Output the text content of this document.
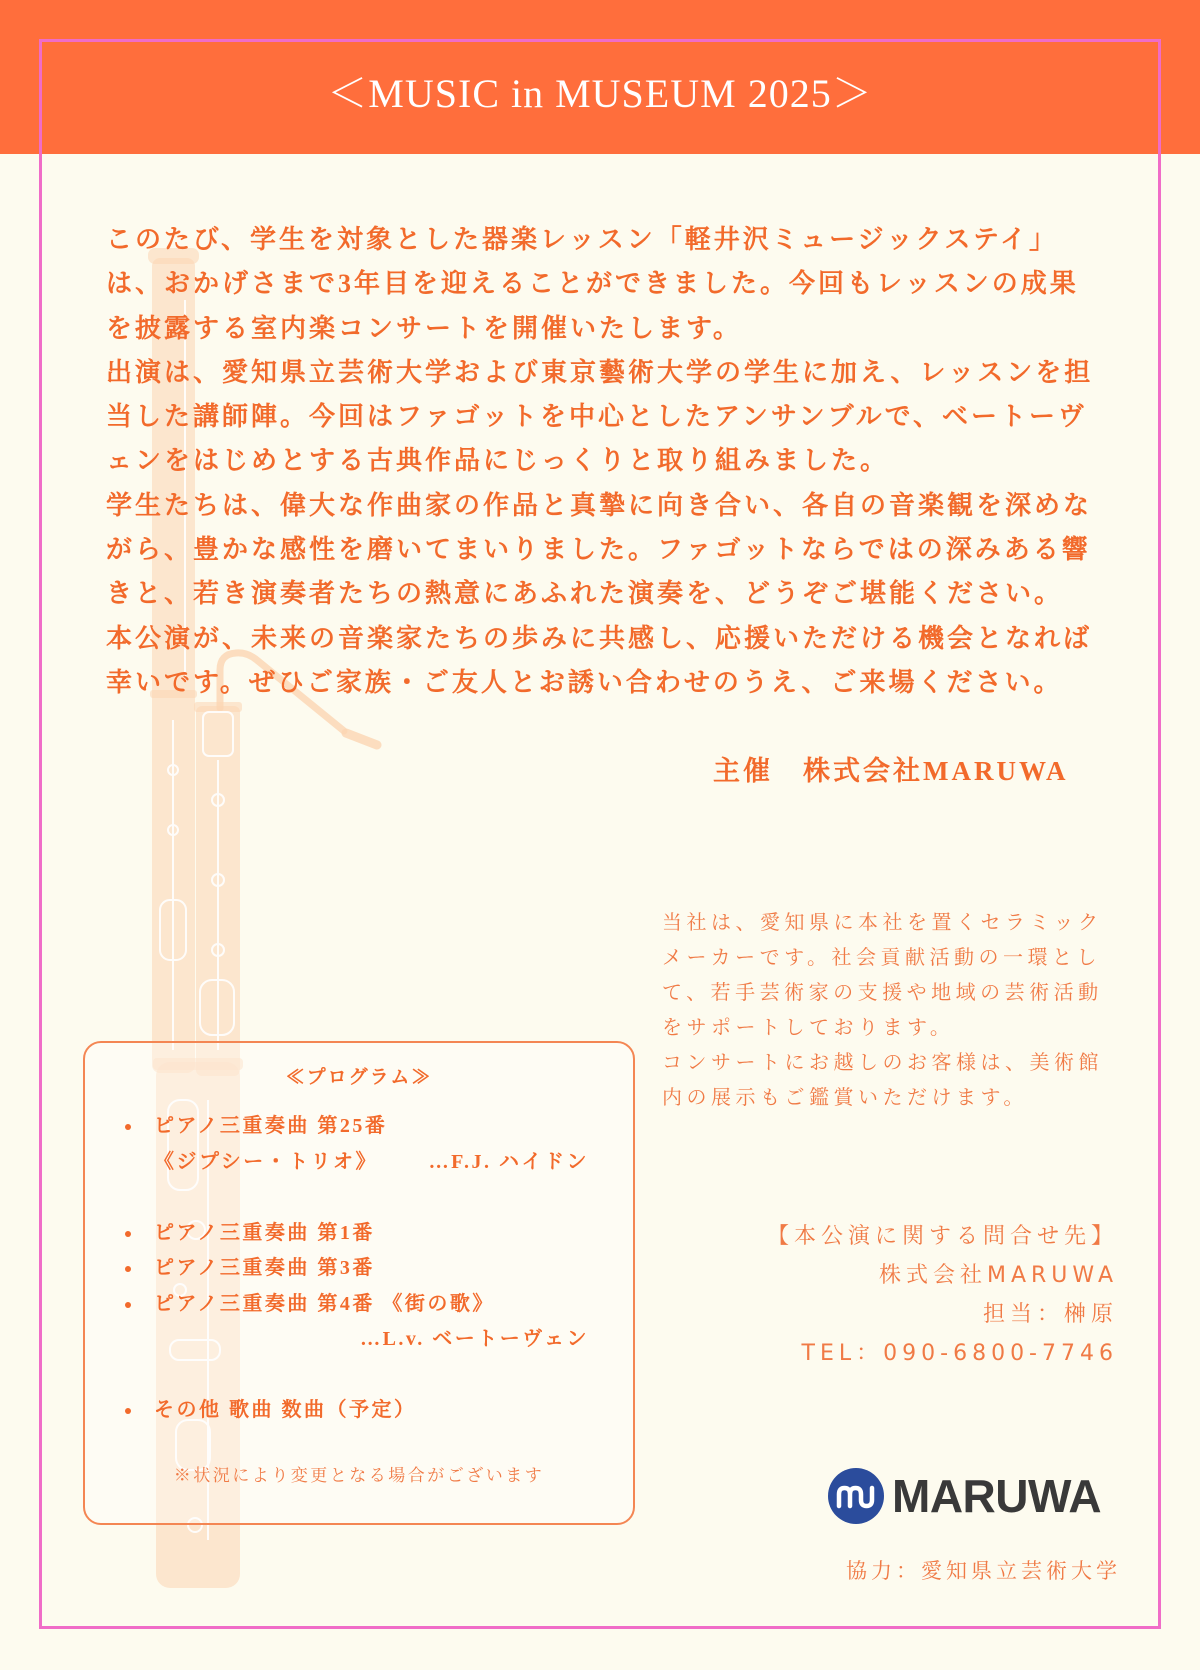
＜MUSIC in MUSEUM 2025＞
このたび、学生を対象とした器楽レッスン「軽井沢ミュージックステイ」
は、おかげさまで3年目を迎えることができました。今回もレッスンの成果
を披露する室内楽コンサートを開催いたします。
出演は、愛知県立芸術大学および東京藝術大学の学生に加え、レッスンを担
当した講師陣。今回はファゴットを中心としたアンサンブルで、ベートーヴ
ェンをはじめとする古典作品にじっくりと取り組みました。
学生たちは、偉大な作曲家の作品と真摯に向き合い、各自の音楽観を深めな
がら、豊かな感性を磨いてまいりました。ファゴットならではの深みある響
きと、若き演奏者たちの熱意にあふれた演奏を、どうぞご堪能ください。
本公演が、未来の音楽家たちの歩みに共感し、応援いただける機会となれば
幸いです。ぜひご家族・ご友人とお誘い合わせのうえ、ご来場ください。
主催　株式会社MARUWA
当社は、愛知県に本社を置くセラミック
メーカーです。社会貢献活動の一環とし
て、若手芸術家の支援や地域の芸術活動
をサポートしております。
コンサートにお越しのお客様は、美術館
内の展示もご鑑賞いただけます。
≪プログラム≫
ピアノ三重奏曲 第25番
《ジプシー・トリオ》	…F.J. ハイドン
ピアノ三重奏曲 第1番
ピアノ三重奏曲 第3番
ピアノ三重奏曲 第4番 《街の歌》
…L.v. ベートーヴェン
その他 歌曲 数曲（予定）
※状況により変更となる場合がございます
【本公演に関する問合せ先】
株式会社MARUWA
担当：榊原
TEL：090-6800-7746
MARUWA
協力：愛知県立芸術大学
